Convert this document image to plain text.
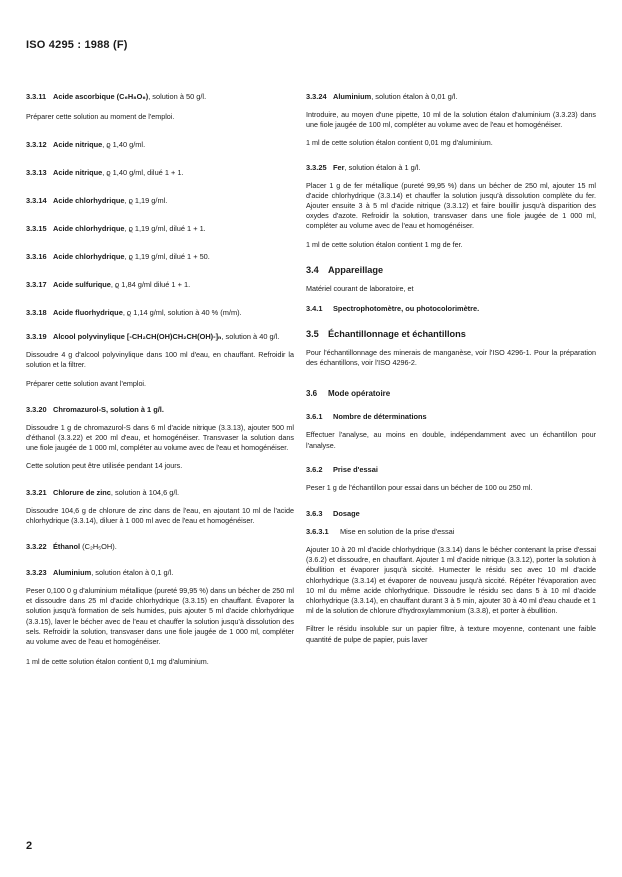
ISO 4295 : 1988 (F)
3.3.11 Acide ascorbique (C₆H₈O₆), solution à 50 g/l.

Préparer cette solution au moment de l'emploi.

3.3.12 Acide nitrique, ϱ 1,40 g/ml.
3.3.13 Acide nitrique, ϱ 1,40 g/ml, dilué 1 + 1.
3.3.14 Acide chlorhydrique, ϱ 1,19 g/ml.
3.3.15 Acide chlorhydrique, ϱ 1,19 g/ml, dilué 1 + 1.
3.3.16 Acide chlorhydrique, ϱ 1,19 g/ml, dilué 1 + 50.
3.3.17 Acide sulfurique, ϱ 1,84 g/ml dilué 1 + 1.
3.3.18 Acide fluorhydrique, ϱ 1,14 g/ml, solution à 40 % (m/m).
3.3.19 Alcool polyvinylique [-CH₂CH(OH)CH₂CH(OH)-]ₙ, solution à 40 g/l.

Dissoudre 4 g d'alcool polyvinylique dans 100 ml d'eau, en chauffant. Refroidir la solution et la filtrer.

Préparer cette solution avant l'emploi.

3.3.20 Chromazurol-S, solution à 1 g/l.

Dissoudre 1 g de chromazurol-S dans 6 ml d'acide nitrique (3.3.13), ajouter 500 ml d'éthanol (3.3.22) et 200 ml d'eau, et homogénéiser. Transvaser la solution dans une fiole jaugée de 1 000 ml, compléter au volume avec de l'eau et homogénéiser.

Cette solution peut être utilisée pendant 14 jours.

3.3.21 Chlorure de zinc, solution à 104,6 g/l.

Dissoudre 104,6 g de chlorure de zinc dans de l'eau, en ajoutant 10 ml de l'acide chlorhydrique (3.3.14), diluer à 1 000 ml avec de l'eau et homogénéiser.

3.3.22 Éthanol (C₂H₅OH).
3.3.23 Aluminium, solution étalon à 0,1 g/l.

Peser 0,100 0 g d'aluminium métallique (pureté 99,95 %) dans un bécher de 250 ml et dissoudre dans 25 ml d'acide chlorhydrique (3.3.15) en chauffant. Évaporer la solution jusqu'à formation de sels humides, puis ajouter 5 ml d'acide chlorhydrique (3.3.15), laver le bécher avec de l'eau et chauffer la solution jusqu'à dissolution des sels. Refroidir la solution, transvaser dans une fiole jaugée de 1 000 ml, compléter au volume avec de l'eau et homogénéiser.

1 ml de cette solution étalon contient 0,1 mg d'aluminium.

3.3.24 Aluminium, solution étalon à 0,01 g/l.

Introduire, au moyen d'une pipette, 10 ml de la solution étalon d'aluminium (3.3.23) dans une fiole jaugée de 100 ml, compléter au volume avec de l'eau et homogénéiser.

1 ml de cette solution étalon contient 0,01 mg d'aluminium.

3.3.25 Fer, solution étalon à 1 g/l.

Placer 1 g de fer métallique (pureté 99,95 %) dans un bécher de 250 ml, ajouter 15 ml d'acide chlorhydrique (3.3.14) et chauffer la solution jusqu'à dissolution complète du fer. Ajouter ensuite 3 à 5 ml d'acide nitrique (3.3.12) et faire bouillir jusqu'à disparition des oxydes d'azote. Refroidir la solution, transvaser dans une fiole jaugée de 1 000 ml, compléter au volume avec de l'eau et homogénéiser.

1 ml de cette solution étalon contient 1 mg de fer.

3.4 Appareillage

Matériel courant de laboratoire, et

3.4.1 Spectrophotomètre, ou photocolorimètre.
3.5 Échantillonnage et échantillons

Pour l'échantillonnage des minerais de manganèse, voir l'ISO 4296-1. Pour la préparation des échantillons, voir l'ISO 4296-2.

3.6 Mode opératoire
3.6.1 Nombre de déterminations

Effectuer l'analyse, au moins en double, indépendamment avec un échantillon pour l'analyse.

3.6.2 Prise d'essai

Peser 1 g de l'échantillon pour essai dans un bécher de 100 ou 250 ml.

3.6.3 Dosage
3.6.3.1 Mise en solution de la prise d'essai

Ajouter 10 à 20 ml d'acide chlorhydrique (3.3.14) dans le bécher contenant la prise d'essai (3.6.2) et dissoudre, en chauffant. Ajouter 1 ml d'acide nitrique (3.3.12), porter la solution à ébullition et évaporer jusqu'à siccité. Humecter le résidu sec avec 10 ml d'acide chlorhydrique (3.3.14) et évaporer de nouveau jusqu'à siccité. Répéter l'évaporation avec 10 ml du même acide chlorhydrique. Dissoudre le résidu sec dans 5 à 10 ml d'acide chlorhydrique (3.3.14), en chauffant durant 3 à 5 min, ajouter 30 à 40 ml d'eau chaude et 1 ml de la solution de chlorure d'hydroxylammonium (3.3.8), et porter à ébullition.

Filtrer le résidu insoluble sur un papier filtre, à texture moyenne, contenant une faible quantité de pulpe de papier, puis laver

2
